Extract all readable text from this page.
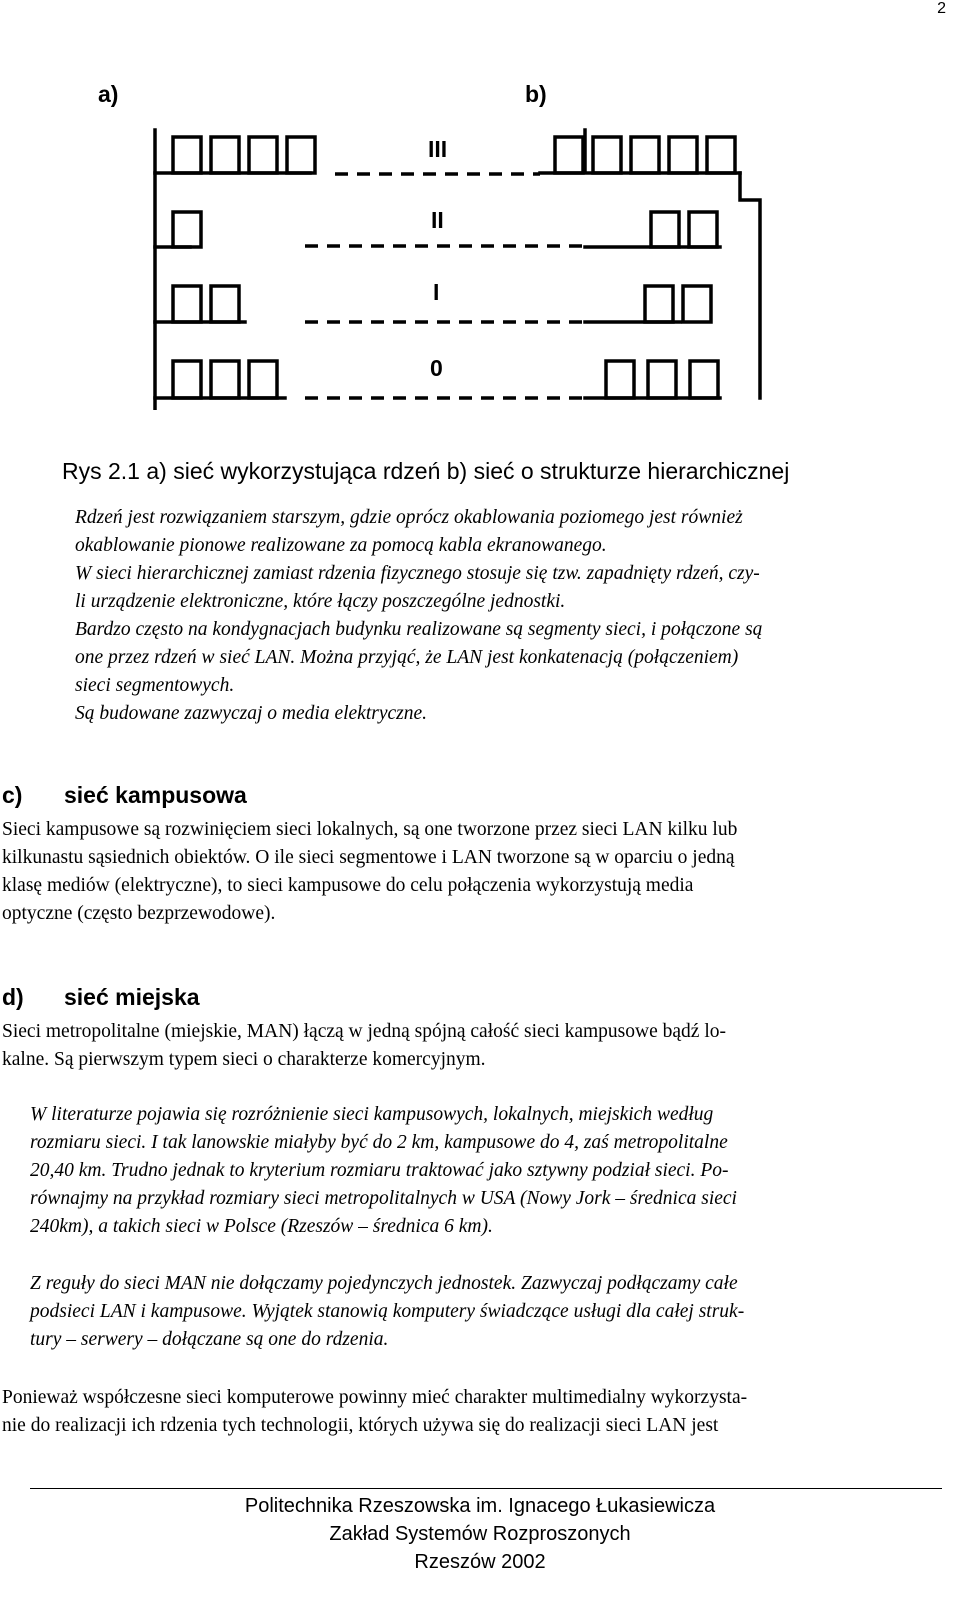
2
a)	b)
III
II
I
0
Rys 2.1 a) sieć wykorzystująca rdzeń b) sieć o strukturze hierarchicznej
Rdzeń jest rozwiązaniem starszym, gdzie oprócz okablowania poziomego jest również
okablowanie pionowe realizowane za pomocą kabla ekranowanego.
W sieci hierarchicznej zamiast rdzenia fizycznego stosuje się tzw. zapadnięty rdzeń, czy-
li urządzenie elektroniczne, które łączy poszczególne jednostki.
Bardzo często na kondygnacjach budynku realizowane są segmenty sieci, i połączone są
one przez rdzeń w sieć LAN. Można przyjąć, że LAN jest konkatenacją (połączeniem)
sieci segmentowych.
Są budowane zazwyczaj o media elektryczne.
c) sieć kampusowa
Sieci kampusowe są rozwinięciem sieci lokalnych, są one tworzone przez sieci LAN kilku lub
kilkunastu sąsiednich obiektów. O ile sieci segmentowe i LAN tworzone są w oparciu o jedną
klasę mediów (elektryczne), to sieci kampusowe do celu połączenia wykorzystują media
optyczne (często bezprzewodowe).
d) sieć miejska
Sieci metropolitalne (miejskie, MAN) łączą w jedną spójną całość sieci kampusowe bądź lo-
kalne. Są pierwszym typem sieci o charakterze komercyjnym.
W literaturze pojawia się rozróżnienie sieci kampusowych, lokalnych, miejskich według
rozmiaru sieci. I tak lanowskie miałyby być do 2 km, kampusowe do 4, zaś metropolitalne
20,40 km. Trudno jednak to kryterium rozmiaru traktować jako sztywny podział sieci. Po-
równajmy na przykład rozmiary sieci metropolitalnych w USA (Nowy Jork – średnica sieci
240km), a takich sieci w Polsce (Rzeszów – średnica 6 km).
Z reguły do sieci MAN nie dołączamy pojedynczych jednostek. Zazwyczaj podłączamy całe
podsieci LAN i kampusowe. Wyjątek stanowią komputery świadczące usługi dla całej struk-
tury – serwery – dołączane są one do rdzenia.
Ponieważ współczesne sieci komputerowe powinny mieć charakter multimedialny wykorzysta-
nie do realizacji ich rdzenia tych technologii, których używa się do realizacji sieci LAN jest
Politechnika Rzeszowska im. Ignacego Łukasiewicza
Zakład Systemów Rozproszonych
Rzeszów 2002
